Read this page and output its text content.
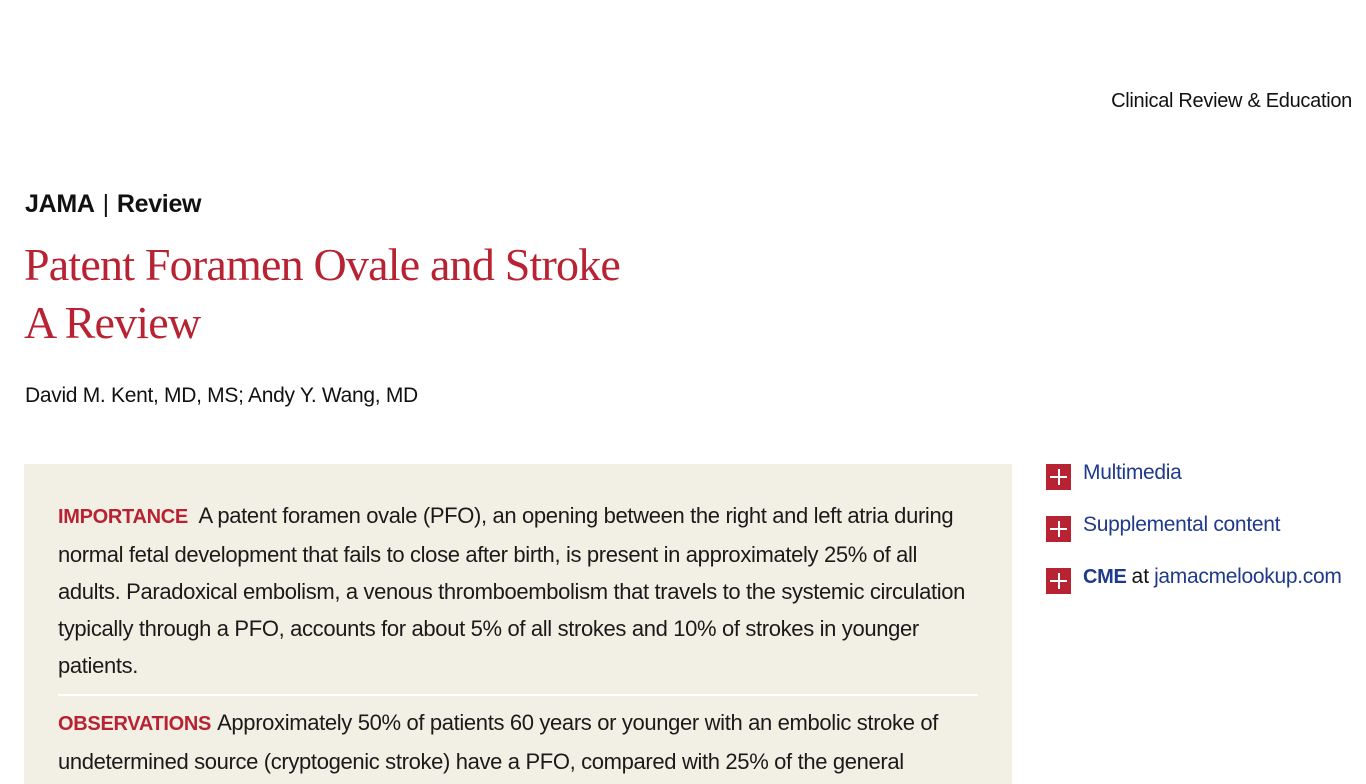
Clinical Review & Education
JAMA | Review
Patent Foramen Ovale and Stroke
A Review
David M. Kent, MD, MS; Andy Y. Wang, MD

IMPORTANCE A patent foramen ovale (PFO), an opening between the right and left atria during normal fetal development that fails to close after birth, is present in approximately 25% of all adults. Paradoxical embolism, a venous thromboembolism that travels to the systemic circulation typically through a PFO, accounts for about 5% of all strokes and 10% of strokes in younger patients.

OBSERVATIONS Approximately 50% of patients 60 years or younger with an embolic stroke of undetermined source (cryptogenic stroke) have a PFO, compared with 25% of the general

Multimedia
Supplemental content
CME at jamacmelookup.com
